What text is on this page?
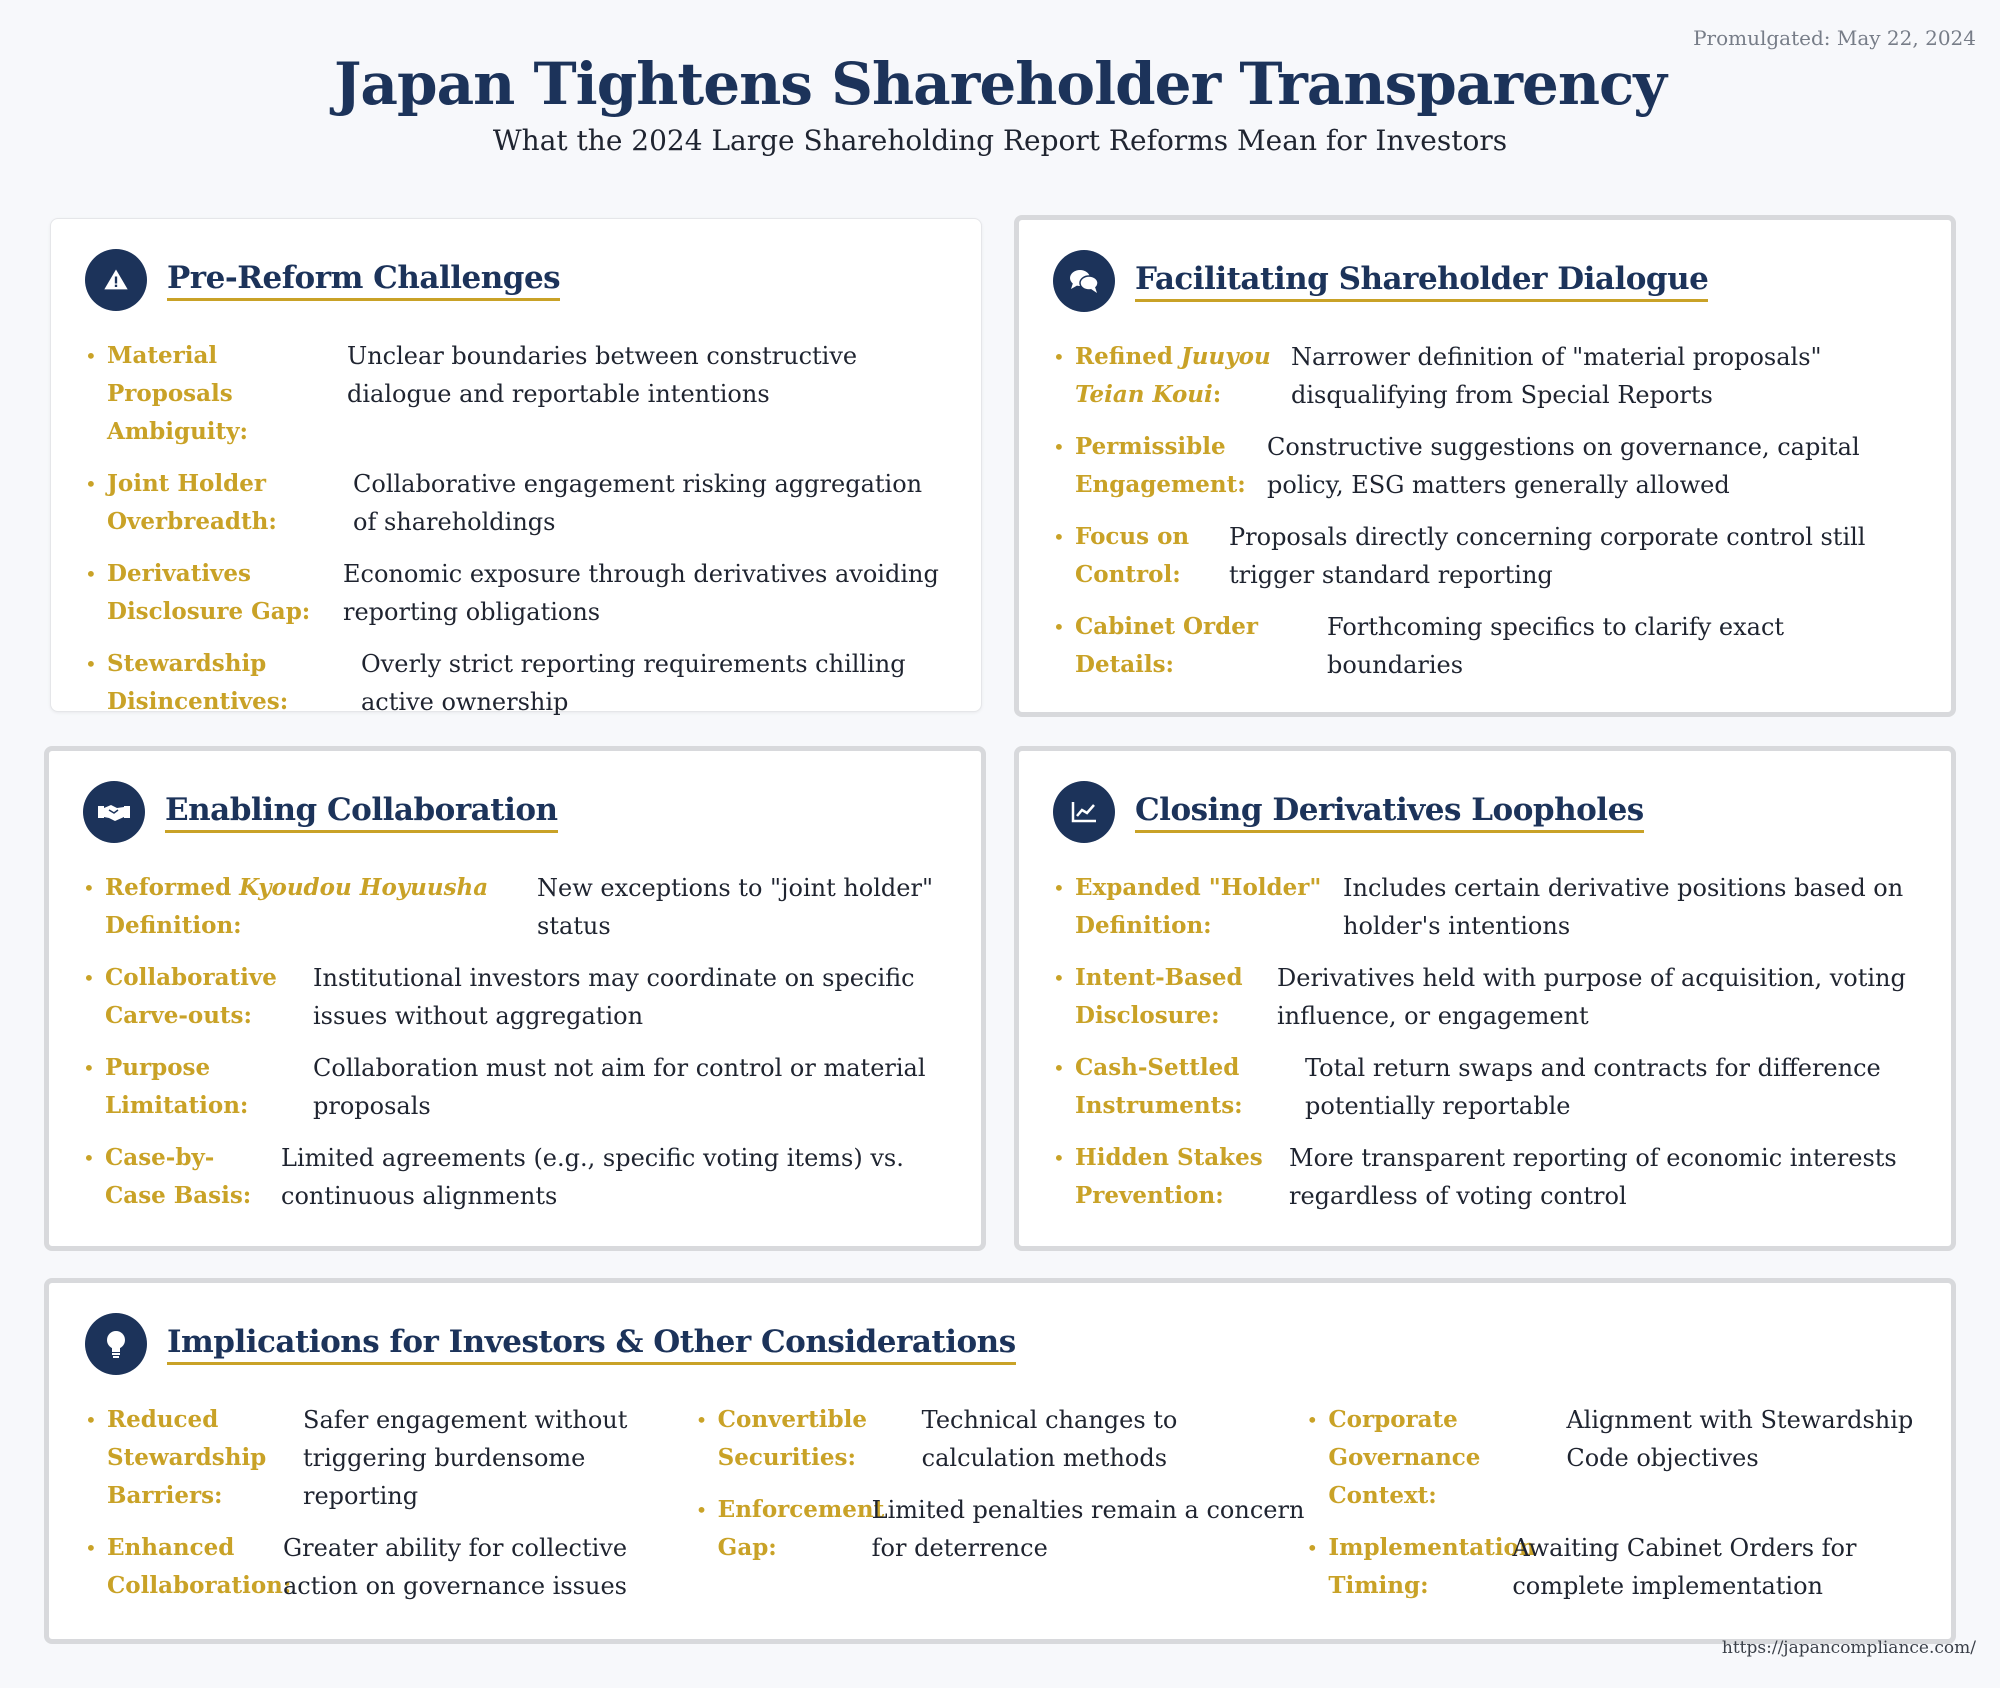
Promulgated: May 22, 2024
Japan Tightens Shareholder Transparency
What the 2024 Large Shareholding Report Reforms Mean for Investors
Pre-Reform Challenges
• Material Proposals Ambiguity:
Unclear boundaries between constructive dialogue and reportable intentions
• Joint Holder Overbreadth:
Collaborative engagement risking aggregation of shareholdings
• Derivatives Disclosure Gap:
Economic exposure through derivatives avoiding reporting obligations
• Stewardship Disincentives:
Overly strict reporting requirements chilling active ownership
Facilitating Shareholder Dialogue
• Refined Juuyou Teian Koui:
Narrower definition of "material proposals" disqualifying from Special Reports
• Permissible Engagement:
Constructive suggestions on governance, capital policy, ESG matters generally allowed
• Focus on Control:
Proposals directly concerning corporate control still trigger standard reporting
• Cabinet Order Details:
Forthcoming specifics to clarify exact boundaries
Enabling Collaboration
• Reformed Kyoudou Hoyuusha Definition:
New exceptions to "joint holder" status
• Collaborative Carve-outs:
Institutional investors may coordinate on specific issues without aggregation
• Purpose Limitation:
Collaboration must not aim for control or material proposals
• Case-by-Case Basis:
Limited agreements (e.g., specific voting items) vs. continuous alignments
Closing Derivatives Loopholes
• Expanded "Holder" Definition:
Includes certain derivative positions based on holder's intentions
• Intent-Based Disclosure:
Derivatives held with purpose of acquisition, voting influence, or engagement
• Cash-Settled Instruments:
Total return swaps and contracts for difference potentially reportable
• Hidden Stakes Prevention:
More transparent reporting of economic interests regardless of voting control
Implications for Investors & Other Considerations
• Reduced Stewardship Barriers:
Safer engagement without triggering burdensome reporting
• Enhanced Collaboration:
Greater ability for collective action on governance issues
• Convertible Securities:
Technical changes to calculation methods
• Enforcement Gap:
Limited penalties remain a concern for deterrence
• Corporate Governance Context:
Alignment with Stewardship Code objectives
• Implementation Timing:
Awaiting Cabinet Orders for complete implementation
https://japancompliance.com/
